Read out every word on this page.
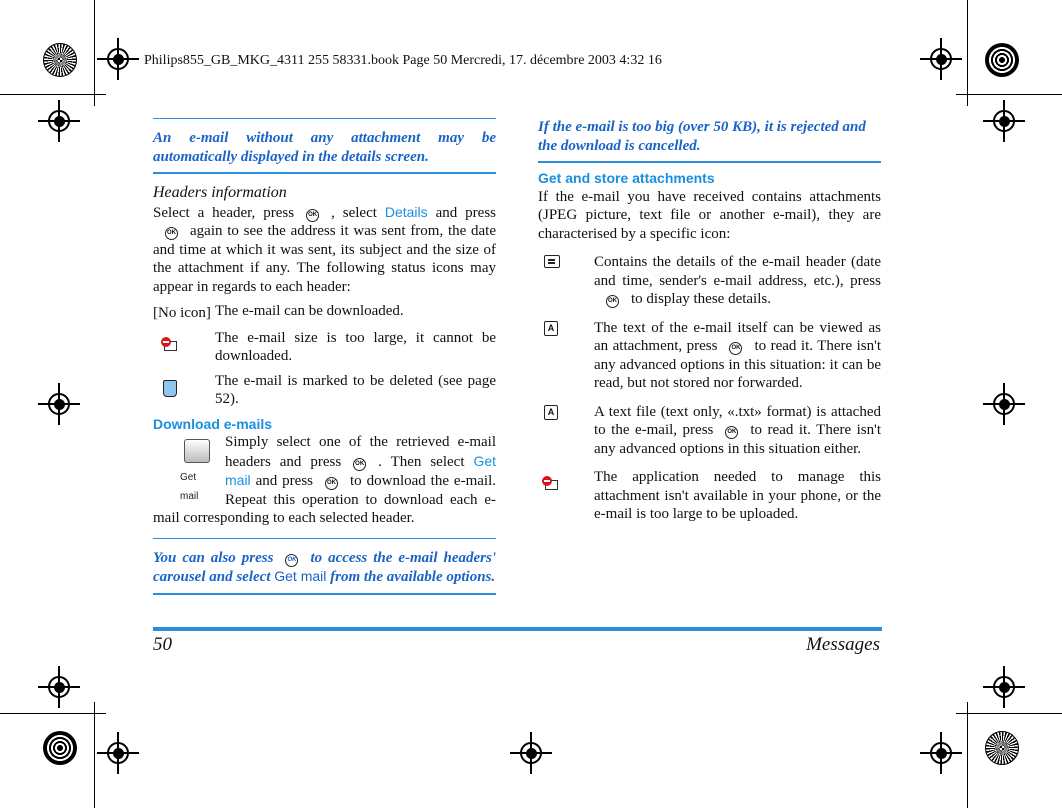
Philips855_GB_MKG_4311 255 58331.book Page 50 Mercredi, 17. décembre 2003 4:32 16
An e-mail without any attachment may be automatically displayed in the details screen.
Headers information

Select a header, press OK , select Details and pressOK again to see the address it was sent from, the date and time at which it was sent, its subject and the size of the attachment if any. The following status icons may appear in regards to each header:

[No icon] The e-mail can be downloaded.
The e-mail size is too large, it cannot be downloaded.
The e-mail is marked to be deleted (see page 52).
Download e-mails
Get mail
Simply select one of the retrieved e-mail headers and press OK . Then select Get mail and press OK to download the e-mail. Repeat this operation to download each e-mail corresponding to each selected header.
You can also press OK to access the e-mail headers' carousel and select Get mail from the available options.
If the e-mail is too big (over 50 KB), it is rejected and the download is cancelled.
Get and store attachments

If the e-mail you have received contains attachments (JPEG picture, text file or another e-mail), they are characterised by a specific icon:

Contains the details of the e-mail header (date and time, sender's e-mail address, etc.), pressOK to display these details.
A	The text of the e-mail itself can be viewed as an attachment, press OK to read it. There isn't any advanced options in this situation: it can be read, but not stored nor forwarded.
A	A text file (text only, «.txt» format) is attached to the e-mail, press OK to read it. There isn't any advanced options in this situation either.
The application needed to manage this attachment isn't available in your phone, or the e-mail is too large to be uploaded.
50	Messages
